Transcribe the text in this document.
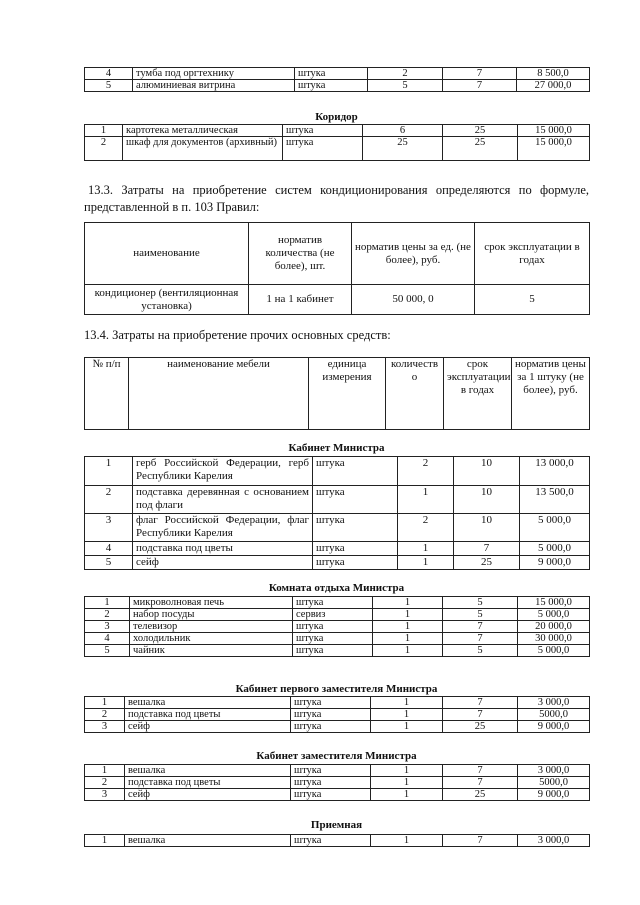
4	тумба под оргтехнику	штука	2	7	8 500,0
5	алюминиевая витрина	штука	5	7	27 000,0
Коридор
1	картотека металлическая	штука	6	25	15 000,0
2	шкаф для документов (архивный)	штука	25	25	15 000,0
13.3. Затраты на приобретение систем кондиционирования определяются по формуле, представленной в п. 103 Правил:
наименование	норматив количества (не более), шт.	норматив цены за ед. (не более), руб.	срок эксплуатации в годах
кондиционер (вентиляционная установка)	1 на 1 кабинет	50 000, 0	5
13.4. Затраты на приобретение прочих основных средств:
№ п/п	наименование мебели	единица измерения	количество	срок эксплуатации в годах	норматив цены за 1 штуку (не более), руб.
Кабинет Министра
1	герб Российской Федерации, герб Республики Карелия	штука	2	10	13 000,0
2	подставка деревянная с основанием под флаги	штука	1	10	13 500,0
3	флаг Российской Федерации, флаг Республики Карелия	штука	2	10	5 000,0
4	подставка под цветы	штука	1	7	5 000,0
5	сейф	штука	1	25	9 000,0
Комната отдыха Министра
1	микроволновая печь	штука	1	5	15 000,0
2	набор посуды	сервиз	1	5	5 000,0
3	телевизор	штука	1	7	20 000,0
4	холодильник	штука	1	7	30 000,0
5	чайник	штука	1	5	5 000,0
Кабинет первого заместителя Министра
1	вешалка	штука	1	7	3 000,0
2	подставка под цветы	штука	1	7	5000,0
3	сейф	штука	1	25	9 000,0
Кабинет заместителя Министра
1	вешалка	штука	1	7	3 000,0
2	подставка под цветы	штука	1	7	5000,0
3	сейф	штука	1	25	9 000,0
Приемная
1	вешалка	штука	1	7	3 000,0
